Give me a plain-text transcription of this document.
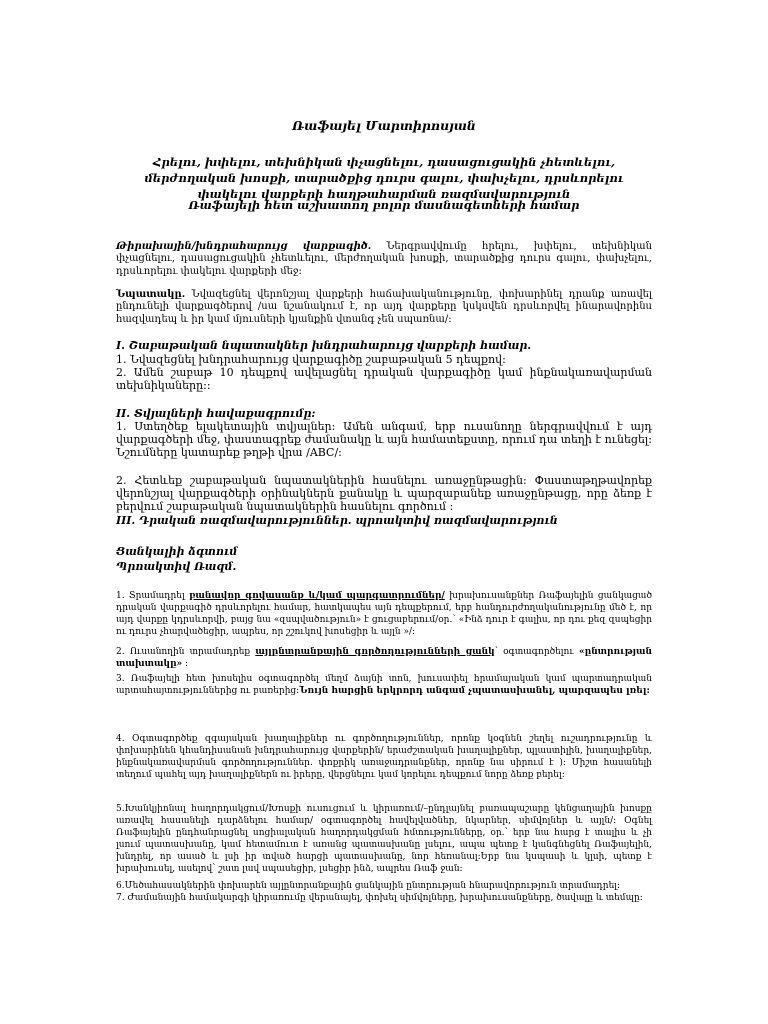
Ռաֆայել Մարտիրոսյան

Հրելու, խփելու, տեխնիկան փչացնելու, դասացուցակին չհետևելու, մերժողական խոսքի, տարածքից դուրս գալու, փախչելու, դրսևորելու փակելու վարքերի հաղթահարման ռազմավարություն

Ռաֆայելի հետ աշխատող բոլոր մասնագետների համար

Թիրախային/խնդրահարույց վարքագիծ. Ներգրավվումը հրելու, խփելու, տեխնիկան փչացնելու, դասացուցակին չհետևելու, մերժողական խոսքի, տարածքից դուրս գալու, փախչելու, դրսևորելու փակելու վարքերի մեջ։

Նպատակը. Նվազեցնել վերոնշյալ վարքերի հաճախականությունը, փոխարինել դրանք առավել ընդունելի վարքագծերով /սա նշանակում է, որ այդ վարքերը կսկսվեն դրսևորվել ինարավորինս հազվադեպ և իր կամ մյուսների կյանքին վտանգ չեն սպառնա/:

I. Շաբաթական նպատակներ խնդրահարույց վարքերի համար.

1. Նվազեցնել խնդրահարույց վարքագիծը շաբաթական 5 դեպքով:

2. Ամեն շաբաթ 10 դեպքով ավելացնել դրական վարքագիծը կամ ինքնակառավարման տեխնիկաները։։

II. Տվյալների հավաքագրումը:

1. Ստեղծեք ելակետային տվյալներ: Ամեն անգամ, երբ ուսանողը ներգրավվում է այդ վարքագծերի մեջ, փաստագրեք ժամանակը և այն համատեքստը, որում դա տեղի է ունեցել։ Նշումները կատարեք թղթի վրա /ABC/:

2. Հետևեք շաբաթական նպատակներին հասնելու առաջընթացին: Փաստաթղթավորեք վերոնշյալ վարքագծերի օրինակներն քանակը և պարզաբանեք առաջընթացը, որը ձեռք է բերվում շաբաթական նպատակներին հասնելու գործում ։

III. Դրական ռազմավարություններ. պրոակտիվ ռազմավարություն

Ցանկալիի ձգտում

Պրոակտիվ Ռազմ.

1. Տրամադրել բանավոր գովասանք և/կամ պարգատրումներ/ խրախուսանքներ Ռաֆայելին ցանկացած դրական վարքագիծ դրսևորելու համար, հատկապես այն դեպքերում, երբ հանդուրժողականությունը մեծ է, որ այդ վարքը կդրսևորվի, բայց նա «զսպվածություն» է ցուցաբերում/օր.՝ «Ինձ դուր է գալիս, որ դու քեզ զսպեցիր ու դուրս չհարվածեցիր, ապրես, որ շշուկով խոսեցիր և այլն »/:

2. Ուսանողին տրամադրեք այլընտրանքային գործողությունների ցանկ՝ օգտագործելու «ընտրության տախտակը» ։

3. Ռաֆայելի հետ խոսելիս օգտագործել մեղմ ձայնի տոն, խուսափել հրամայական կամ պարտադրական արտահայտություններից ու բառերից:Նույն հարցին երկրորդ անգամ չպատասխանել, պարզապես լռել:

4. Օգտագործեք զգայական խաղալիքներ ու գործողություններ, որոնք կօգնեն շեղել ուշադրությունը և փոխարինեն կհանդիսանան խնդրահարույց վարքերին/ երաժշտական խաղալիքներ, պլաստիլին, խաղալիքներ, ինքնակառավարման գործողություններ. փոքրիկ առաջադրանքներ, որոնք նա սիրում է ): Միշտ հասանելի տեղում պահել այդ խաղալիքներն ու իրերը, վերցնելու կամ կորելու դեպքում նորը ձեռք բերել։

5.Խանկյիոնալ հաղորդակցում/Խոսքի ուսուցում և կիրառում/–ընդլայնել բառապաշարը կենցաղային խոսքը առավել հասանելի դարձնելու համար/ օգտագործել հավելվածներ, նկարներ, սիմվոլներ և այլն/։ Օգնել Ռաֆայելին ընդհանրացնել սոցիալական հաղորդակցման հմտությունները, օր.՝ երբ նա հարց է տալիս և չի լսում պատասխանը, կամ հետամուտ է առանց պատասխանը լսելու, ապա պետք է կանգնեցնել Ռաֆայելին, խնդրել, որ ասած և լսի իր տված հարցի պատասխանը, նոր հեռանալ։Երբ նա կսպասի և կլսի, պետք է խրախուսել, ասելով՝ շատ լավ սպասեցիր, լսեցիր ինձ, ապրես Ռաֆ ջան։

6.Մեծահասակներին փոխարեն այլընտրանքային ցանկային ընտրության հնարավորություն տրամադրել։

7. Ժամանային համակարգի կիրառումը վերանայել, փոխել սիմվոլները, խրախուսանքները, ծավալը և տեմպը։
